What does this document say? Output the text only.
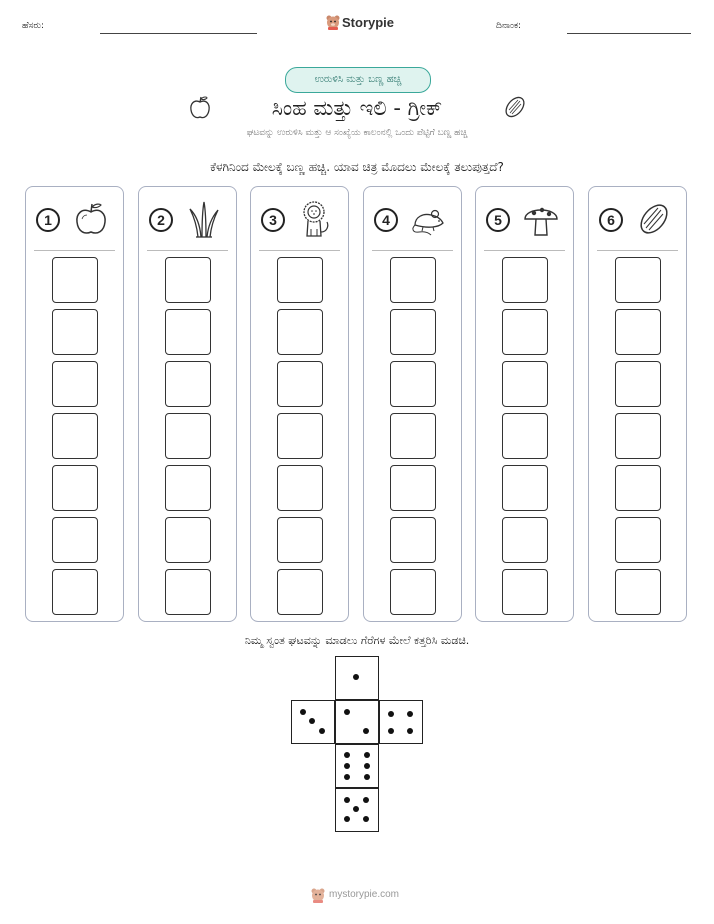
ಹೆಸರು:	Storypie	ದಿನಾಂಕ:
ಉರುಳಿಸಿ ಮತ್ತು ಬಣ್ಣ ಹಚ್ಚಿ
ಸಿಂಹ ಮತ್ತು ಇಲಿ - ಗ್ರೀಕ್
ಘಟವನ್ನು ಉರುಳಿಸಿ ಮತ್ತು ಆ ಸಂಖ್ಯೆಯ ಕಾಲಂನಲ್ಲಿ ಒಂದು ಪೆಟ್ಟಿಗೆ ಬಣ್ಣ ಹಚ್ಚಿ
ಕೆಳಗಿನಿಂದ ಮೇಲಕ್ಕೆ ಬಣ್ಣ ಹಚ್ಚಿ. ಯಾವ ಚಿತ್ರ ಮೊದಲು ಮೇಲಕ್ಕೆ ತಲುಪುತ್ತದೆ?
1	2	3	4	5	6
ನಿಮ್ಮ ಸ್ವಂತ ಘಟವನ್ನು ಮಾಡಲು ಗೆರೆಗಳ ಮೇಲೆ ಕತ್ತರಿಸಿ ಮಡಚಿ.
mystorypie.com
